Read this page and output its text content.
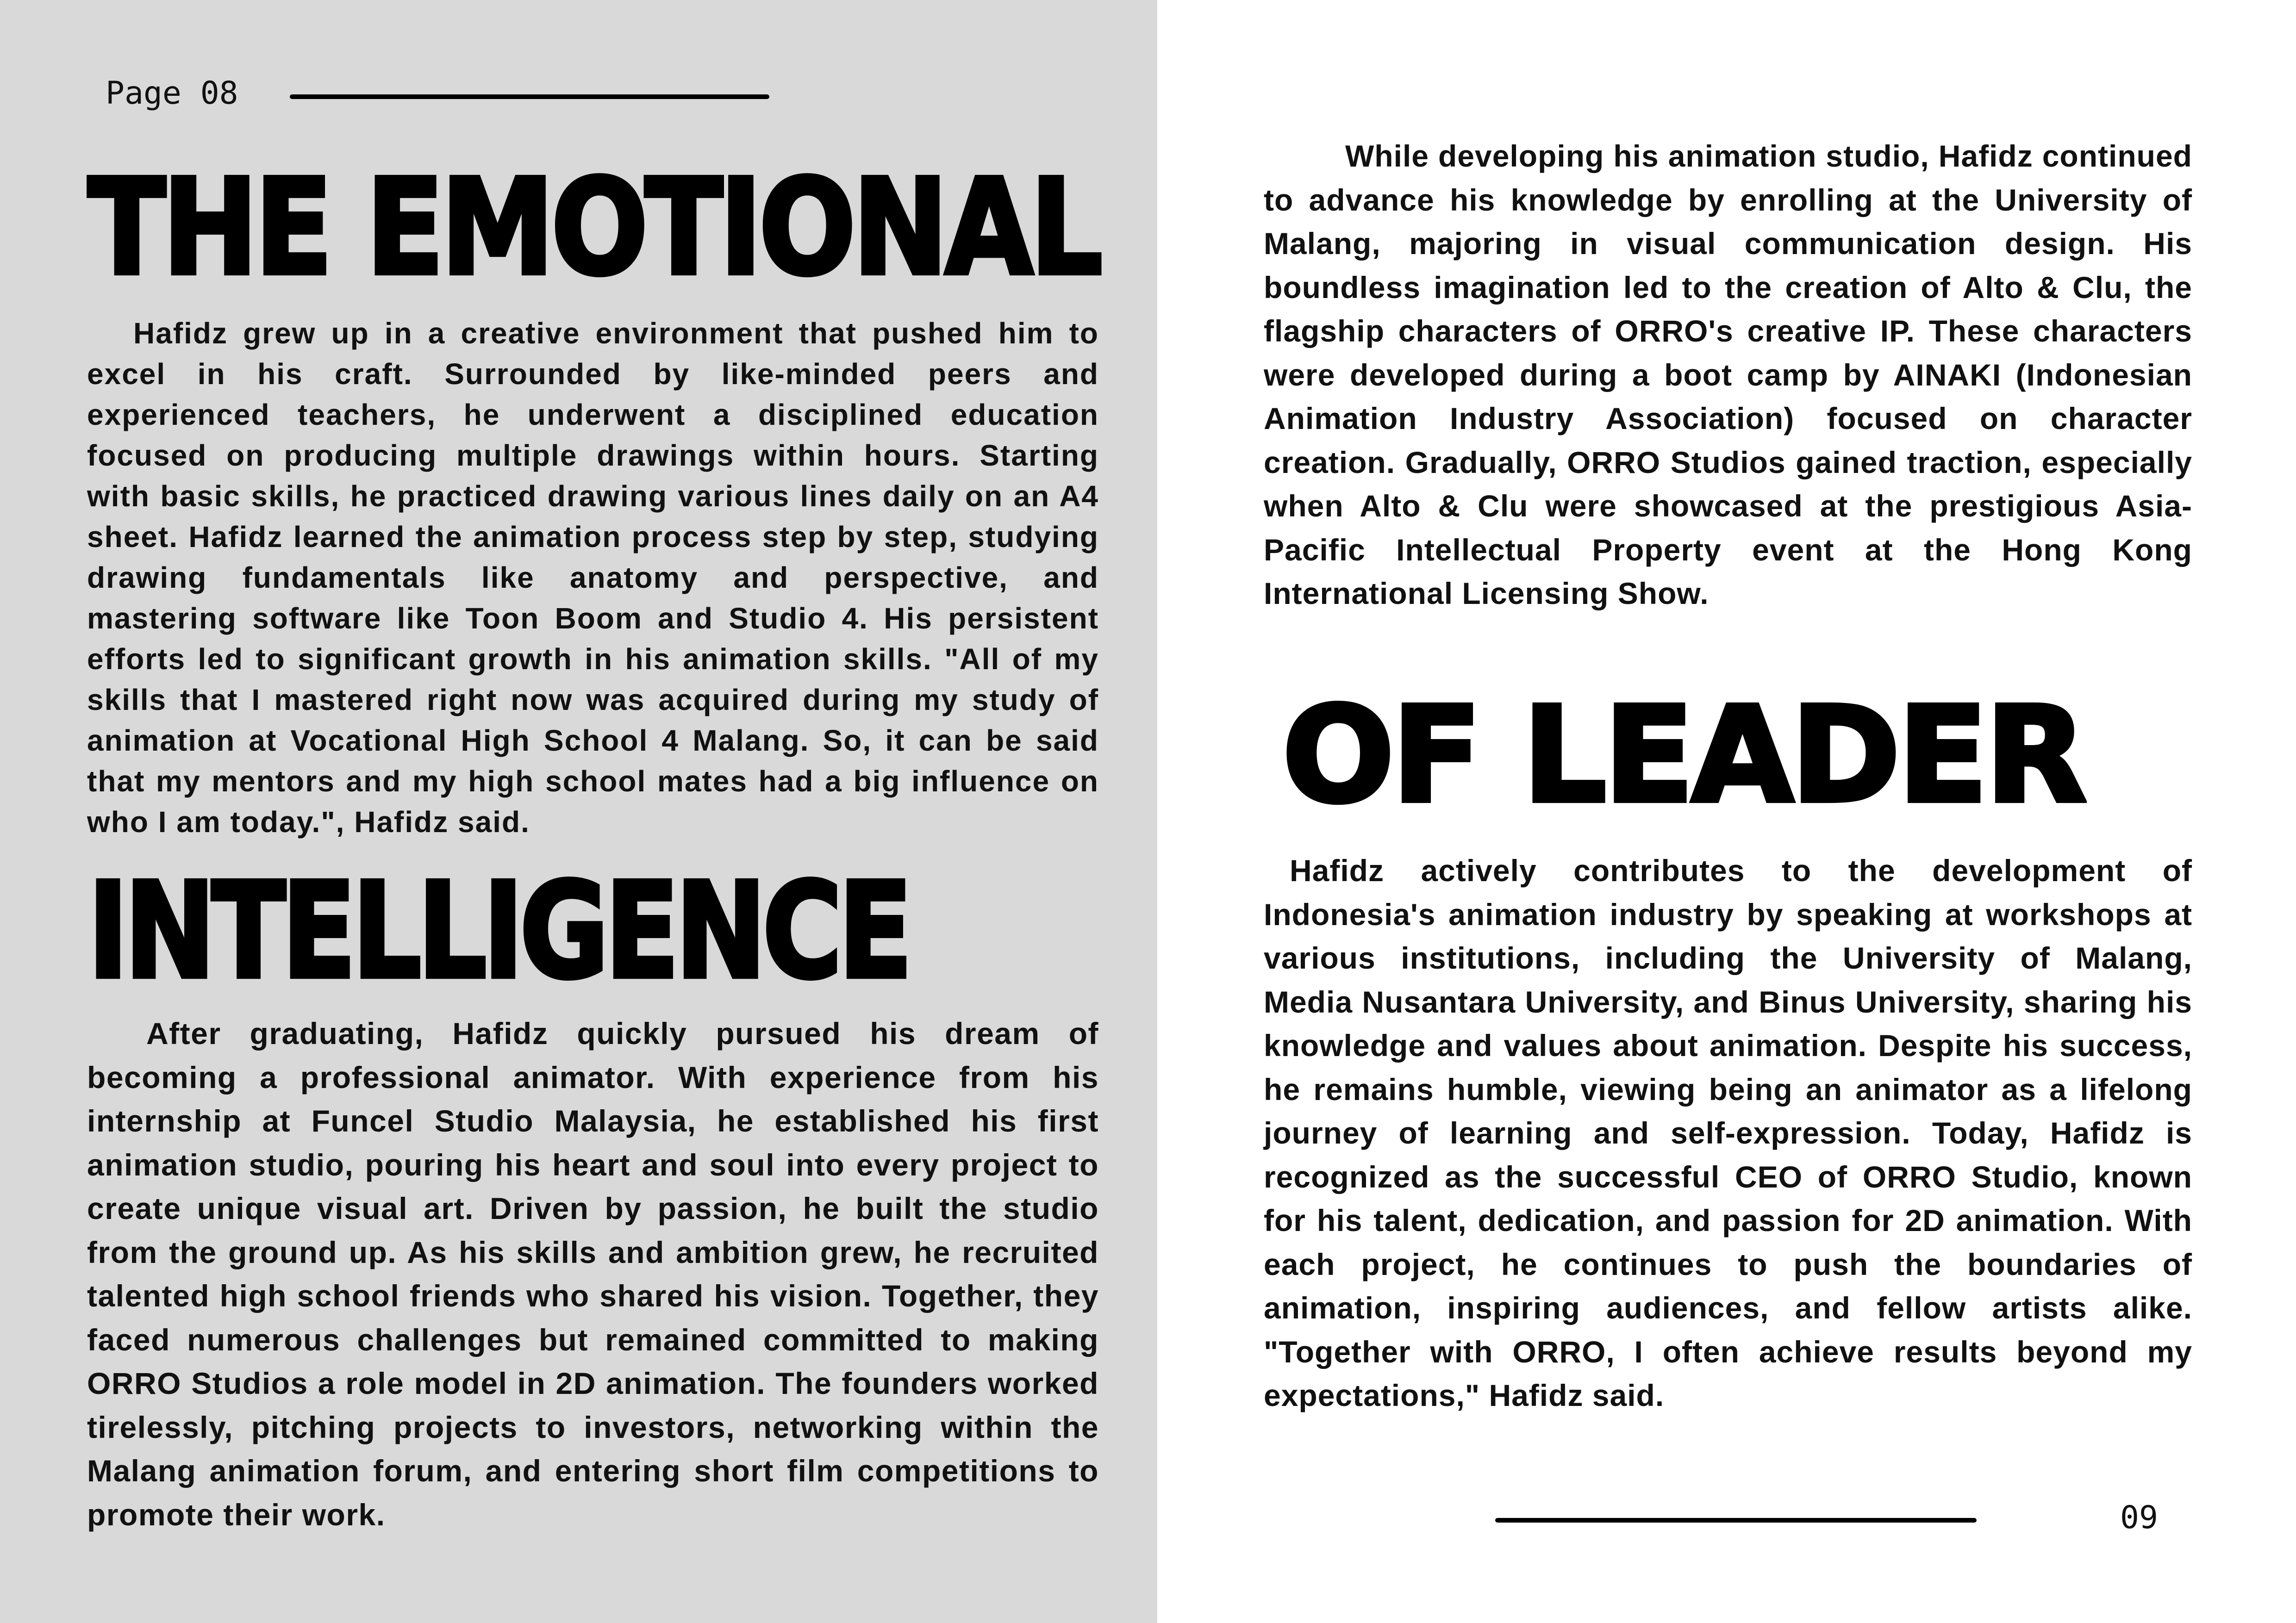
Page 08
THE EMOTIONAL

Hafidz grew up in a creative environment that pushed him to excel in his craft. Surrounded by like-minded peers and experienced teachers, he underwent a disciplined education focused on producing multiple drawings within hours. Starting with basic skills, he practiced drawing various lines daily on an A4 sheet. Hafidz learned the animation process step by step, studying drawing fundamentals like anatomy and perspective, and mastering software like Toon Boom and Studio 4. His persistent efforts led to significant growth in his animation skills. "All of my skills that I mastered right now was acquired during my study of animation at Vocational High School 4 Malang. So, it can be said that my mentors and my high school mates had a big influence on who I am today.", Hafidz said.

INTELLIGENCE

After graduating, Hafidz quickly pursued his dream of becoming a professional animator. With experience from his internship at Funcel Studio Malaysia, he established his first animation studio, pouring his heart and soul into every project to create unique visual art. Driven by passion, he built the studio from the ground up. As his skills and ambition grew, he recruited talented high school friends who shared his vision. Together, they faced numerous challenges but remained committed to making ORRO Studios a role model in 2D animation. The founders worked tirelessly, pitching projects to investors, networking within the Malang animation forum, and entering short film competitions to promote their work.

While developing his animation studio, Hafidz continued to advance his knowledge by enrolling at the University of Malang, majoring in visual communication design. His boundless imagination led to the creation of Alto & Clu, the flagship characters of ORRO's creative IP. These characters were developed during a boot camp by AINAKI (Indonesian Animation Industry Association) focused on character creation. Gradually, ORRO Studios gained traction, especially when Alto & Clu were showcased at the prestigious Asia-Pacific Intellectual Property event at the Hong Kong International Licensing Show.

OF LEADER

Hafidz actively contributes to the development of Indonesia's animation industry by speaking at workshops at various institutions, including the University of Malang, Media Nusantara University, and Binus University, sharing his knowledge and values about animation. Despite his success, he remains humble, viewing being an animator as a lifelong journey of learning and self-expression. Today, Hafidz is recognized as the successful CEO of ORRO Studio, known for his talent, dedication, and passion for 2D animation. With each project, he continues to push the boundaries of animation, inspiring audiences, and fellow artists alike. "Together with ORRO, I often achieve results beyond my expectations," Hafidz said.

09
